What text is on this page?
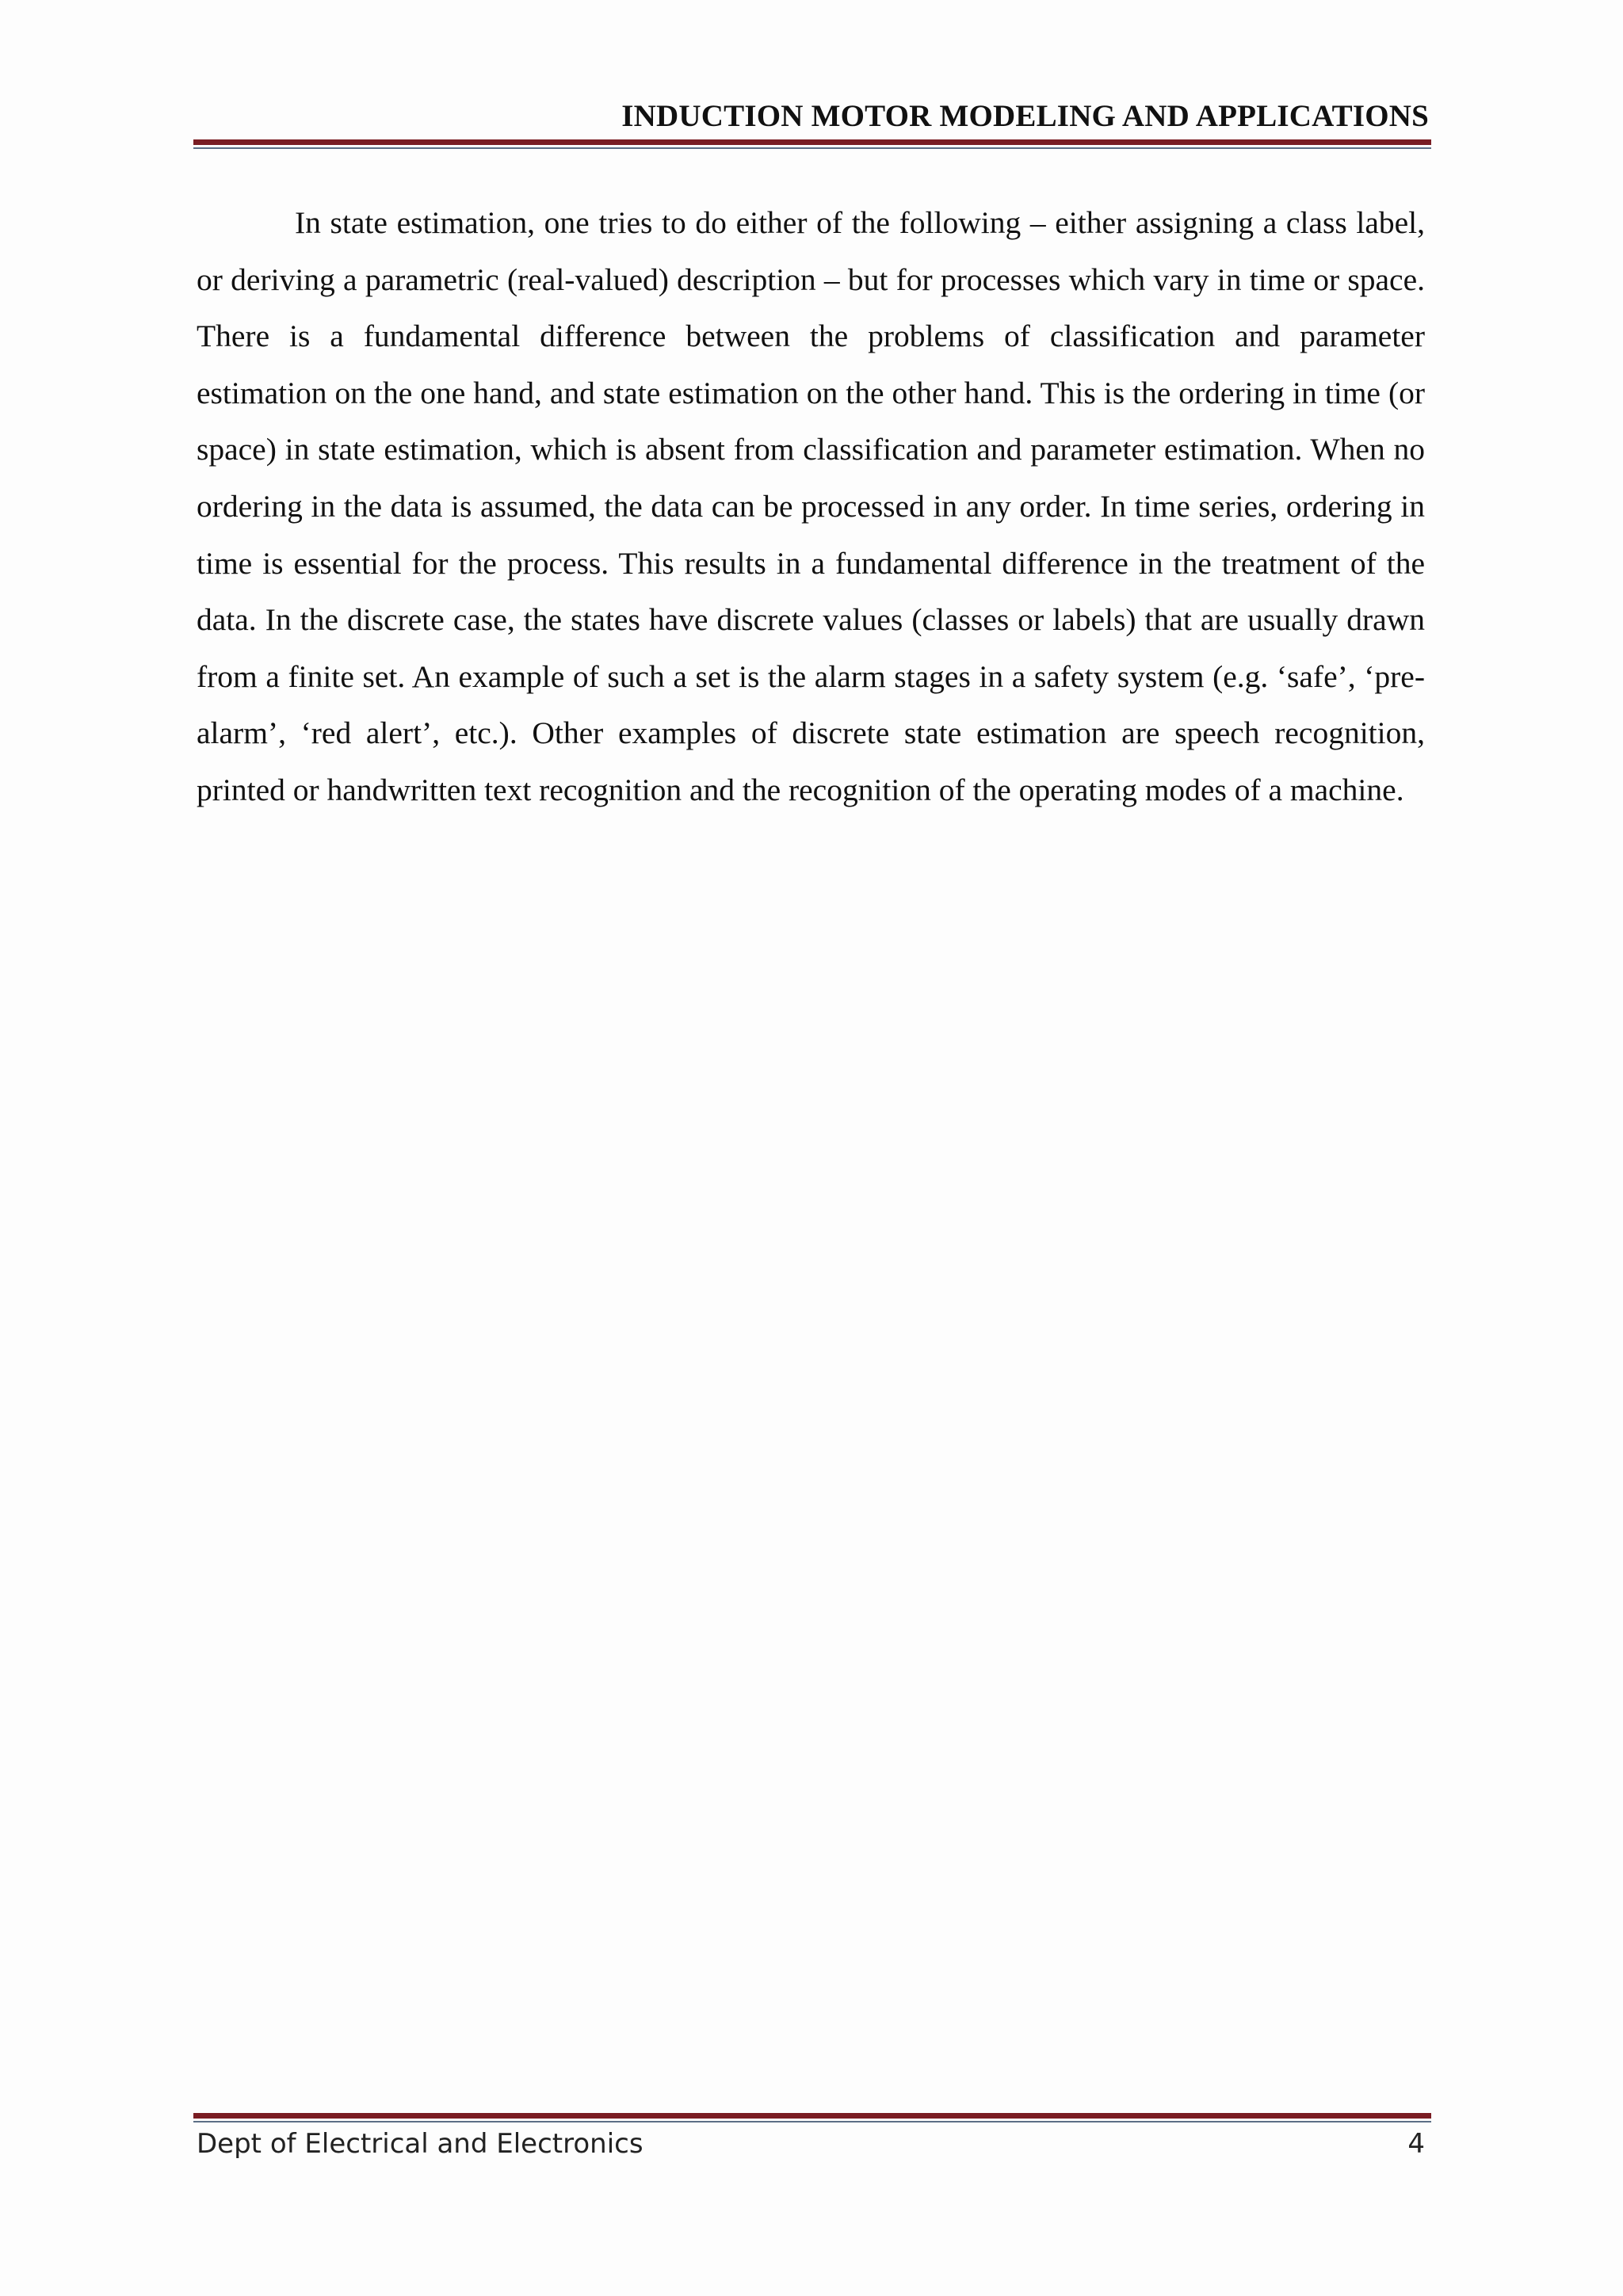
INDUCTION MOTOR MODELING AND APPLICATIONS

In state estimation, one tries to do either of the following – either assigning a class label, or deriving a parametric (real-valued) description – but for processes which vary in time or space. There is a fundamental difference between the problems of classification and parameter estimation on the one hand, and state estimation on the other hand. This is the ordering in time (or space) in state estimation, which is absent from classification and parameter estimation. When no ordering in the data is assumed, the data can be processed in any order. In time series, ordering in time is essential for the process. This results in a fundamental difference in the treatment of the data. In the discrete case, the states have discrete values (classes or labels) that are usually drawn from a finite set. An example of such a set is the alarm stages in a safety system (e.g. ‘safe’, ‘pre-alarm’, ‘red alert’, etc.). Other examples of discrete state estimation are speech recognition, printed or handwritten text recognition and the recognition of the operating modes of a machine.

Dept of Electrical and Electronics	4
